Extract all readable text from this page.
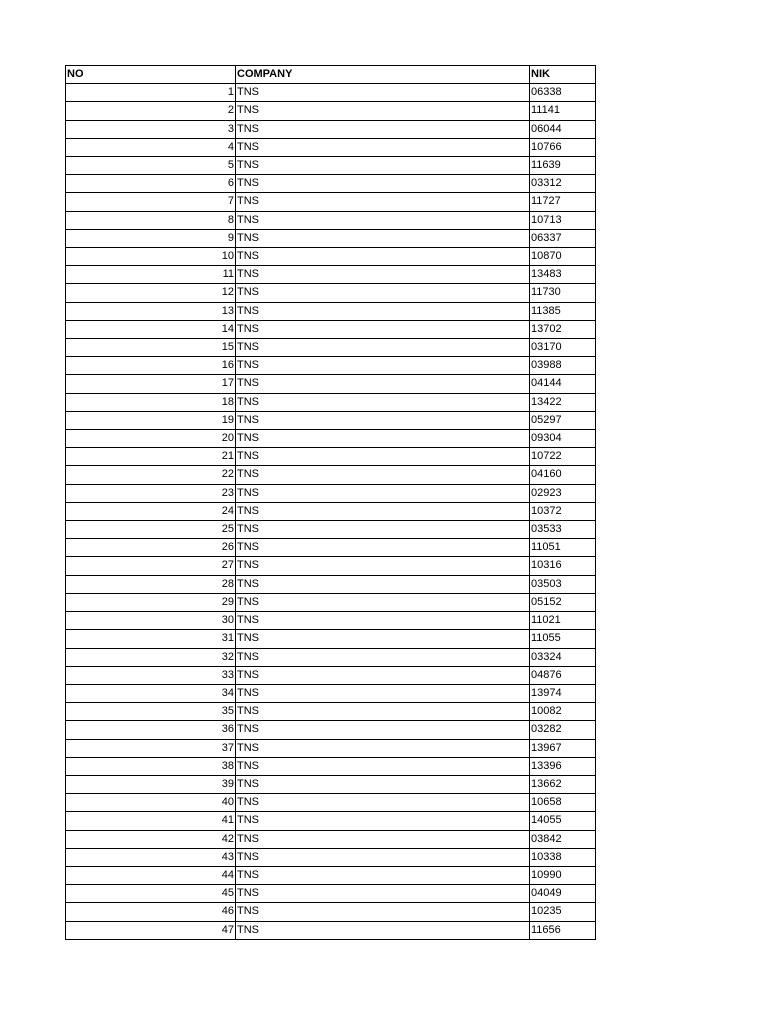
NO	COMPANY	NIK
1	TNS	06338
2	TNS	11141
3	TNS	06044
4	TNS	10766
5	TNS	11639
6	TNS	03312
7	TNS	11727
8	TNS	10713
9	TNS	06337
10	TNS	10870
11	TNS	13483
12	TNS	11730
13	TNS	11385
14	TNS	13702
15	TNS	03170
16	TNS	03988
17	TNS	04144
18	TNS	13422
19	TNS	05297
20	TNS	09304
21	TNS	10722
22	TNS	04160
23	TNS	02923
24	TNS	10372
25	TNS	03533
26	TNS	11051
27	TNS	10316
28	TNS	03503
29	TNS	05152
30	TNS	11021
31	TNS	11055
32	TNS	03324
33	TNS	04876
34	TNS	13974
35	TNS	10082
36	TNS	03282
37	TNS	13967
38	TNS	13396
39	TNS	13662
40	TNS	10658
41	TNS	14055
42	TNS	03842
43	TNS	10338
44	TNS	10990
45	TNS	04049
46	TNS	10235
47	TNS	11656
